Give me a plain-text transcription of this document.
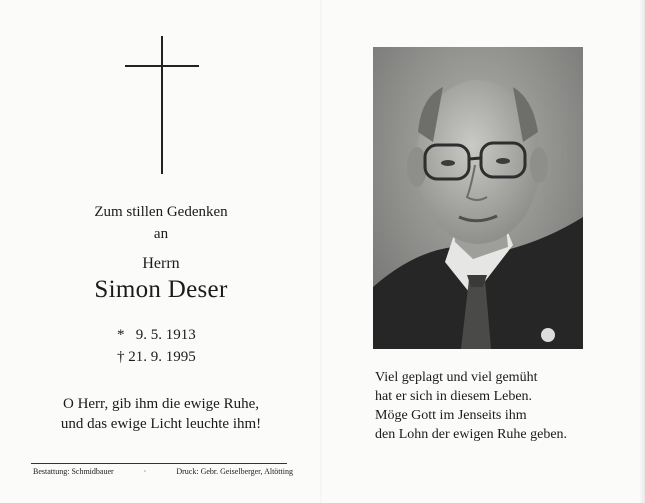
Zum stillen Gedenken
an
Herrn
Simon Deser
*   9. 5. 1913
† 21. 9. 1995
O Herr, gib ihm die ewige Ruhe,
und das ewige Licht leuchte ihm!
Bestattung: Schmidbauer	·	Druck: Gebr. Geiselberger, Altötting
Viel geplagt und viel gemüht
hat er sich in diesem Leben.
Möge Gott im Jenseits ihm
den Lohn der ewigen Ruhe geben.
